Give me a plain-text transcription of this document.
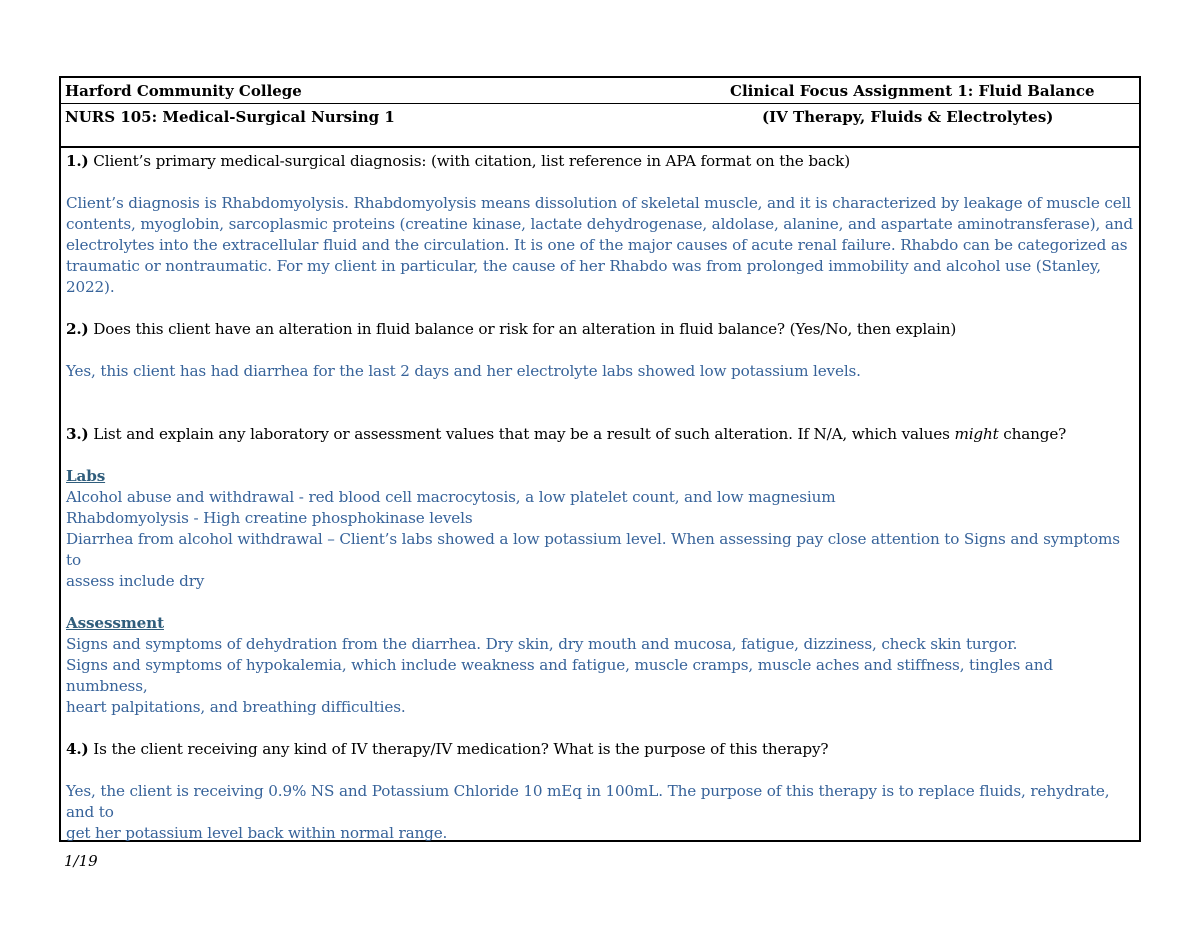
Harford Community College	Clinical Focus Assignment 1: Fluid Balance
NURS 105: Medical-Surgical Nursing 1	(IV Therapy, Fluids & Electrolytes)

1.) Client’s primary medical-surgical diagnosis: (with citation, list reference in APA format on the back)

Client’s diagnosis is Rhabdomyolysis. Rhabdomyolysis means dissolution of skeletal muscle, and it is characterized by leakage of muscle cell

contents, myoglobin, sarcoplasmic proteins (creatine kinase, lactate dehydrogenase, aldolase, alanine, and aspartate aminotransferase), and

electrolytes into the extracellular fluid and the circulation. It is one of the major causes of acute renal failure. Rhabdo can be categorized as

traumatic or nontraumatic. For my client in particular, the cause of her Rhabdo was from prolonged immobility and alcohol use (Stanley, 2022).

2.) Does this client have an alteration in fluid balance or risk for an alteration in fluid balance? (Yes/No, then explain)

Yes, this client has had diarrhea for the last 2 days and her electrolyte labs showed low potassium levels.

3.) List and explain any laboratory or assessment values that may be a result of such alteration. If N/A, which values might change?

Labs

Alcohol abuse and withdrawal - red blood cell macrocytosis, a low platelet count, and low magnesium

Rhabdomyolysis - High creatine phosphokinase levels

Diarrhea from alcohol withdrawal – Client’s labs showed a low potassium level. When assessing pay close attention to Signs and symptoms to

assess include dry

Assessment

Signs and symptoms of dehydration from the diarrhea. Dry skin, dry mouth and mucosa, fatigue, dizziness, check skin turgor.

Signs and symptoms of hypokalemia, which include weakness and fatigue, muscle cramps, muscle aches and stiffness, tingles and numbness,

heart palpitations, and breathing difficulties.

4.) Is the client receiving any kind of IV therapy/IV medication? What is the purpose of this therapy?

Yes, the client is receiving 0.9% NS and Potassium Chloride 10 mEq in 100mL. The purpose of this therapy is to replace fluids, rehydrate, and to

get her potassium level back within normal range.

1/19
